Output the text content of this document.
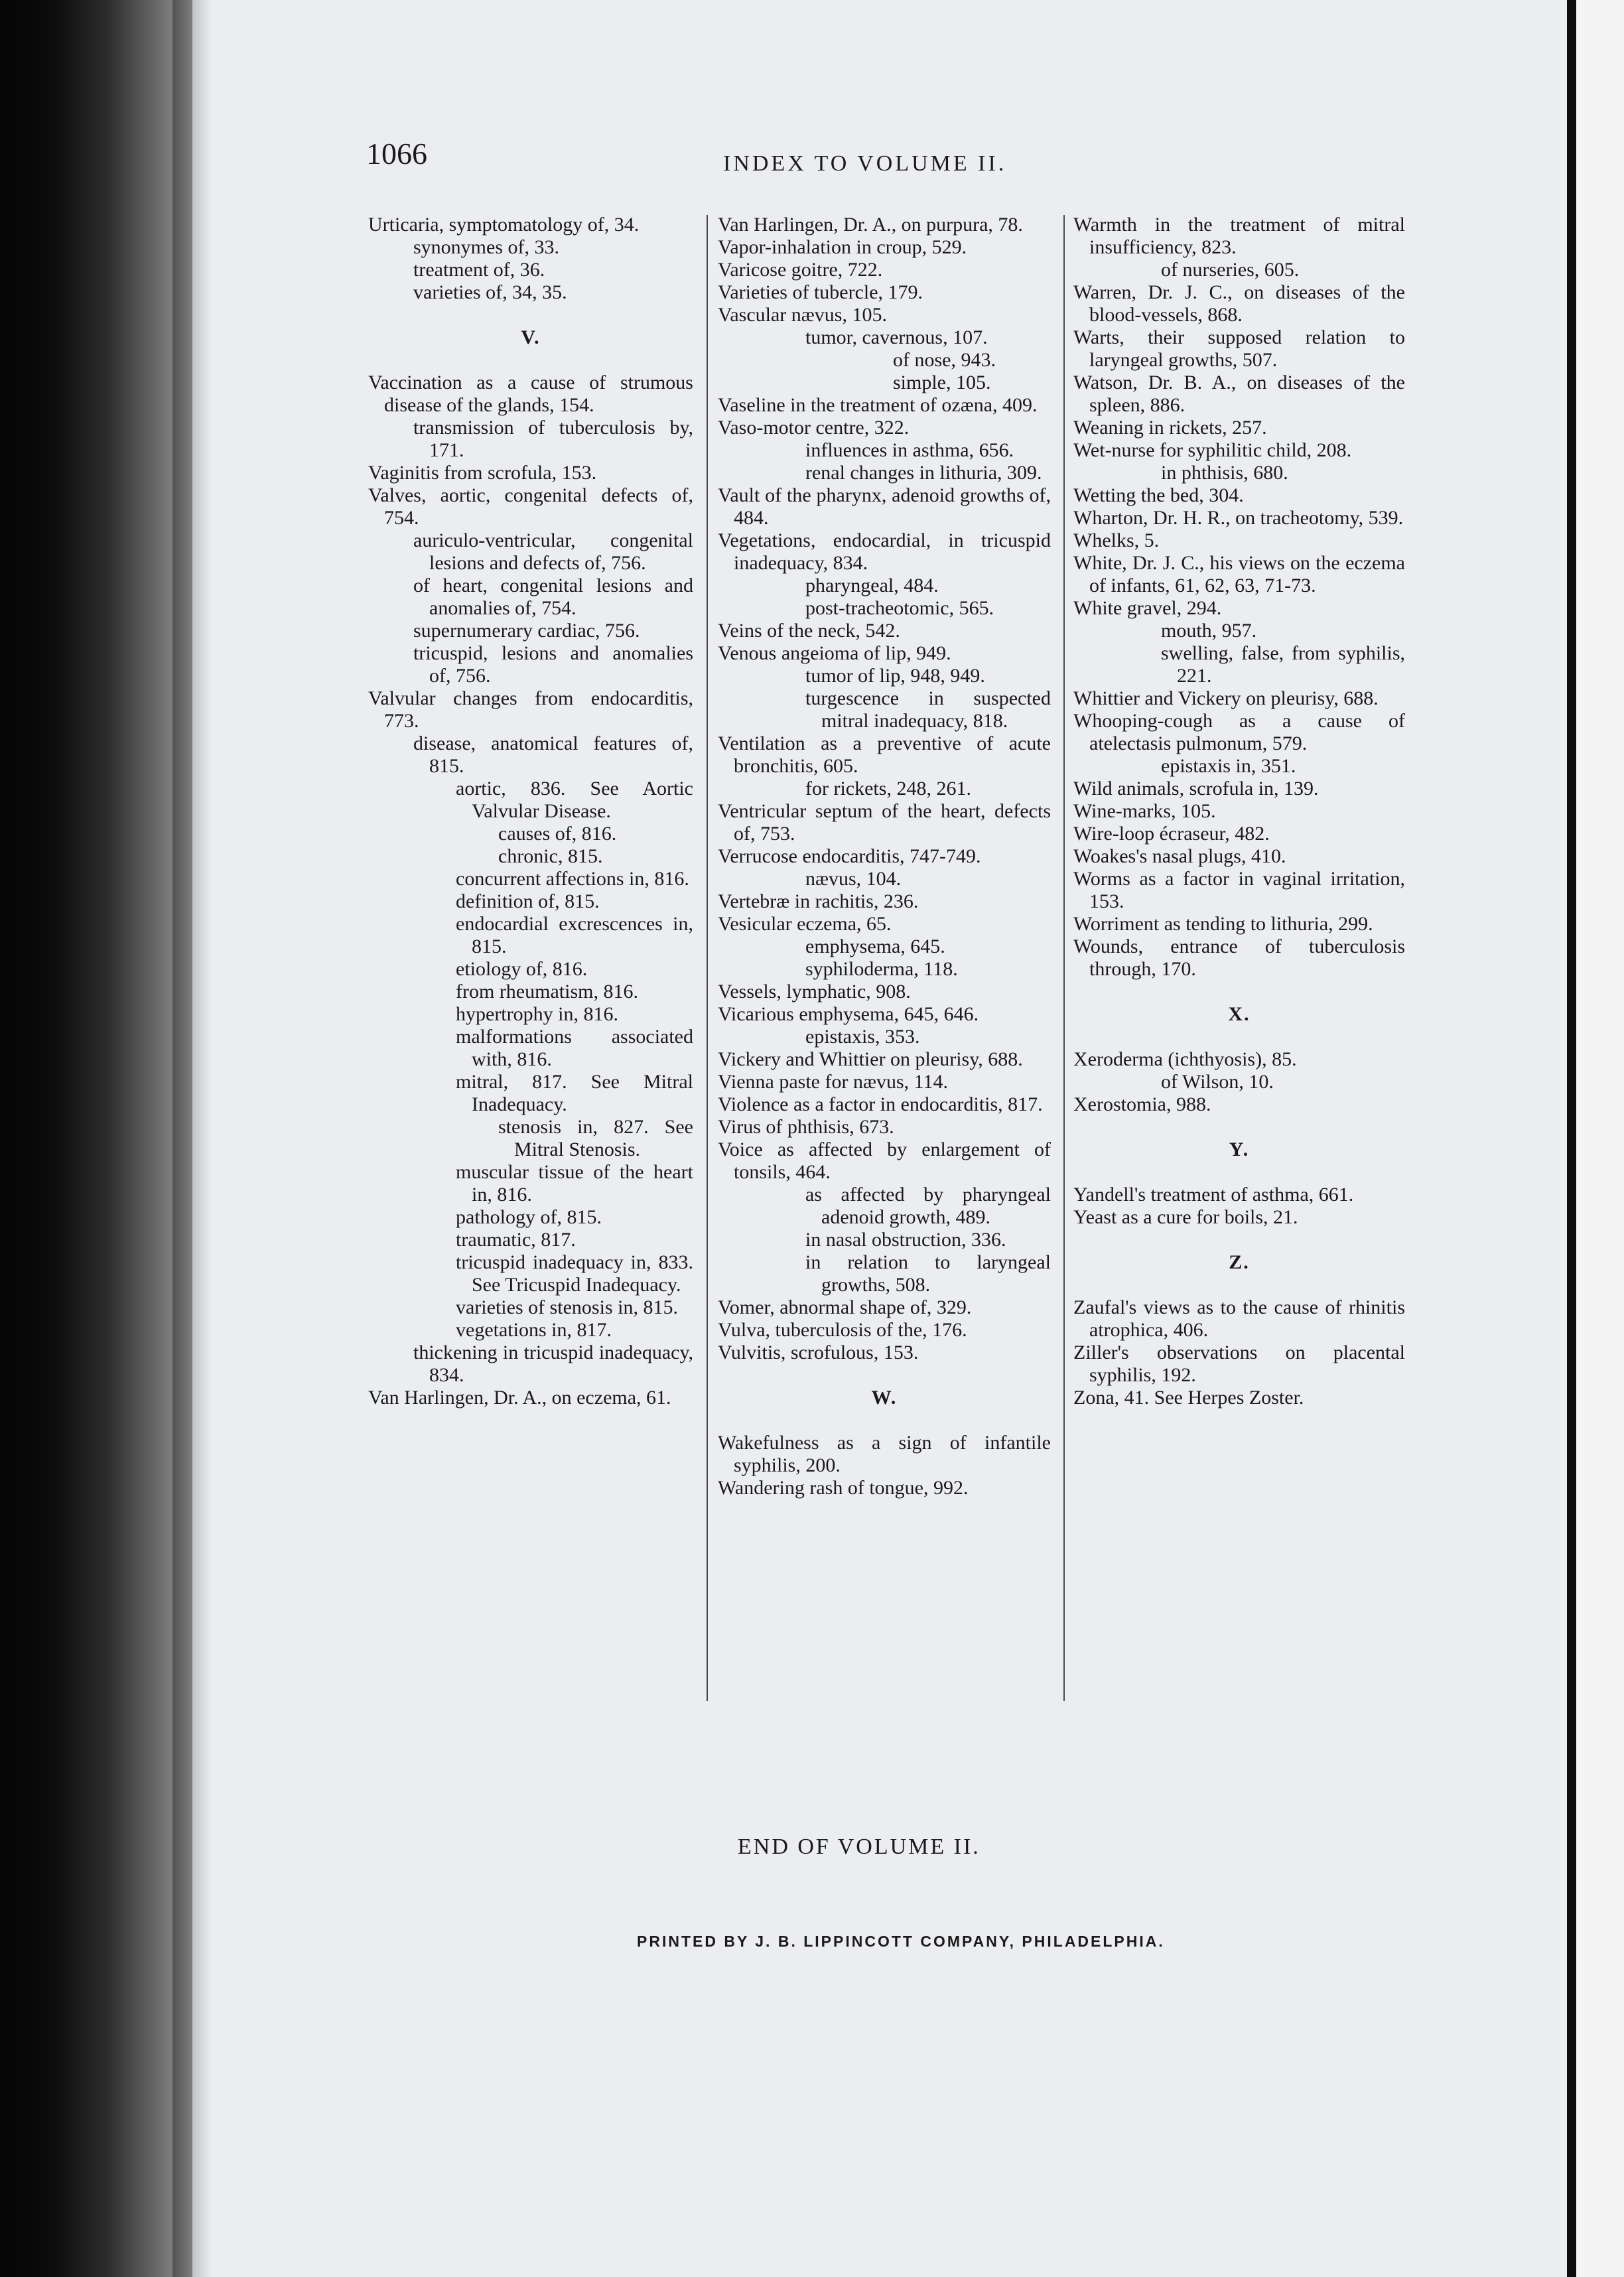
1066	INDEX TO VOLUME II.
Urticaria, symptomatology of, 34.
synonymes of, 33.
treatment of, 36.
varieties of, 34, 35.
V.
Vaccination as a cause of strumous disease of the glands, 154.
transmission of tuberculosis by, 171.
Vaginitis from scrofula, 153.
Valves, aortic, congenital defects of, 754.
auriculo-ventricular, congenital lesions and defects of, 756.
of heart, congenital lesions and anomalies of, 754.
supernumerary cardiac, 756.
tricuspid, lesions and anomalies of, 756.
Valvular changes from endocarditis, 773.
disease, anatomical features of, 815.
aortic, 836. See Aortic Valvular Disease.
causes of, 816.
chronic, 815.
concurrent affections in, 816.
definition of, 815.
endocardial excrescences in, 815.
etiology of, 816.
from rheumatism, 816.
hypertrophy in, 816.
malformations associated with, 816.
mitral, 817. See Mitral Inadequacy.
stenosis in, 827. See Mitral Stenosis.
muscular tissue of the heart in, 816.
pathology of, 815.
traumatic, 817.
tricuspid inadequacy in, 833. See Tricuspid Inadequacy.
varieties of stenosis in, 815.
vegetations in, 817.
thickening in tricuspid inadequacy, 834.
Van Harlingen, Dr. A., on eczema, 61.
Van Harlingen, Dr. A., on purpura, 78.
Vapor-inhalation in croup, 529.
Varicose goitre, 722.
Varieties of tubercle, 179.
Vascular nævus, 105.
tumor, cavernous, 107.
of nose, 943.
simple, 105.
Vaseline in the treatment of ozæna, 409.
Vaso-motor centre, 322.
influences in asthma, 656.
renal changes in lithuria, 309.
Vault of the pharynx, adenoid growths of, 484.
Vegetations, endocardial, in tricuspid inadequacy, 834.
pharyngeal, 484.
post-tracheotomic, 565.
Veins of the neck, 542.
Venous angeioma of lip, 949.
tumor of lip, 948, 949.
turgescence in suspected mitral inadequacy, 818.
Ventilation as a preventive of acute bronchitis, 605.
for rickets, 248, 261.
Ventricular septum of the heart, defects of, 753.
Verrucose endocarditis, 747-749.
nævus, 104.
Vertebræ in rachitis, 236.
Vesicular eczema, 65.
emphysema, 645.
syphiloderma, 118.
Vessels, lymphatic, 908.
Vicarious emphysema, 645, 646.
epistaxis, 353.
Vickery and Whittier on pleurisy, 688.
Vienna paste for nævus, 114.
Violence as a factor in endocarditis, 817.
Virus of phthisis, 673.
Voice as affected by enlargement of tonsils, 464.
as affected by pharyngeal adenoid growth, 489.
in nasal obstruction, 336.
in relation to laryngeal growths, 508.
Vomer, abnormal shape of, 329.
Vulva, tuberculosis of the, 176.
Vulvitis, scrofulous, 153.
W.
Wakefulness as a sign of infantile syphilis, 200.
Wandering rash of tongue, 992.
Warmth in the treatment of mitral insufficiency, 823.
of nurseries, 605.
Warren, Dr. J. C., on diseases of the blood-vessels, 868.
Warts, their supposed relation to laryngeal growths, 507.
Watson, Dr. B. A., on diseases of the spleen, 886.
Weaning in rickets, 257.
Wet-nurse for syphilitic child, 208.
in phthisis, 680.
Wetting the bed, 304.
Wharton, Dr. H. R., on tracheotomy, 539.
Whelks, 5.
White, Dr. J. C., his views on the eczema of infants, 61, 62, 63, 71-73.
White gravel, 294.
mouth, 957.
swelling, false, from syphilis, 221.
Whittier and Vickery on pleurisy, 688.
Whooping-cough as a cause of atelectasis pulmonum, 579.
epistaxis in, 351.
Wild animals, scrofula in, 139.
Wine-marks, 105.
Wire-loop écraseur, 482.
Woakes's nasal plugs, 410.
Worms as a factor in vaginal irritation, 153.
Worriment as tending to lithuria, 299.
Wounds, entrance of tuberculosis through, 170.
X.
Xeroderma (ichthyosis), 85.
of Wilson, 10.
Xerostomia, 988.
Y.
Yandell's treatment of asthma, 661.
Yeast as a cure for boils, 21.
Z.
Zaufal's views as to the cause of rhinitis atrophica, 406.
Ziller's observations on placental syphilis, 192.
Zona, 41. See Herpes Zoster.
END OF VOLUME II.
PRINTED BY J. B. LIPPINCOTT COMPANY, PHILADELPHIA.
